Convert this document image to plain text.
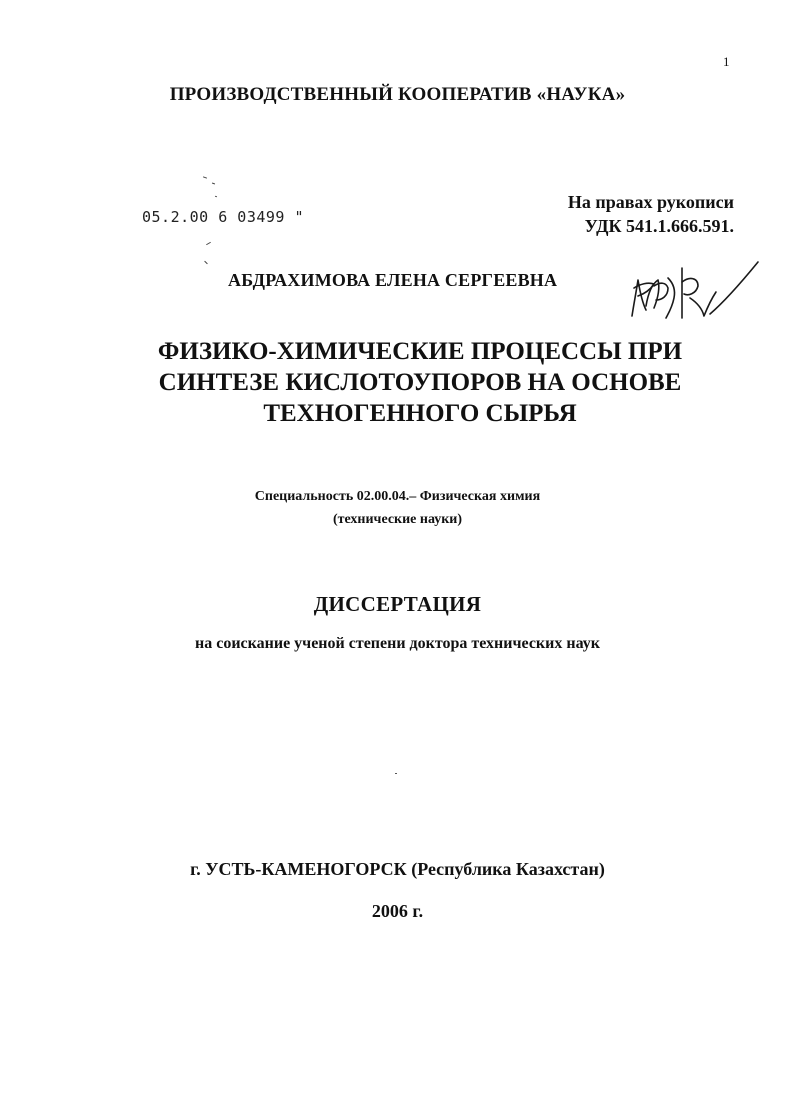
1
ПРОИЗВОДСТВЕННЫЙ КООПЕРАТИВ «НАУКА»
05.2.00 6 03499 "
На правах рукописи
УДК 541.1.666.591.
АБДРАХИМОВА ЕЛЕНА СЕРГЕЕВНА
ФИЗИКО-ХИМИЧЕСКИЕ ПРОЦЕССЫ ПРИ
СИНТЕЗЕ КИСЛОТОУПОРОВ НА ОСНОВЕ
ТЕХНОГЕННОГО СЫРЬЯ
Специальность 02.00.04.– Физическая химия
(технические науки)
ДИССЕРТАЦИЯ
на соискание ученой степени доктора технических наук
г. УСТЬ-КАМЕНОГОРСК (Республика Казахстан)
2006 г.
